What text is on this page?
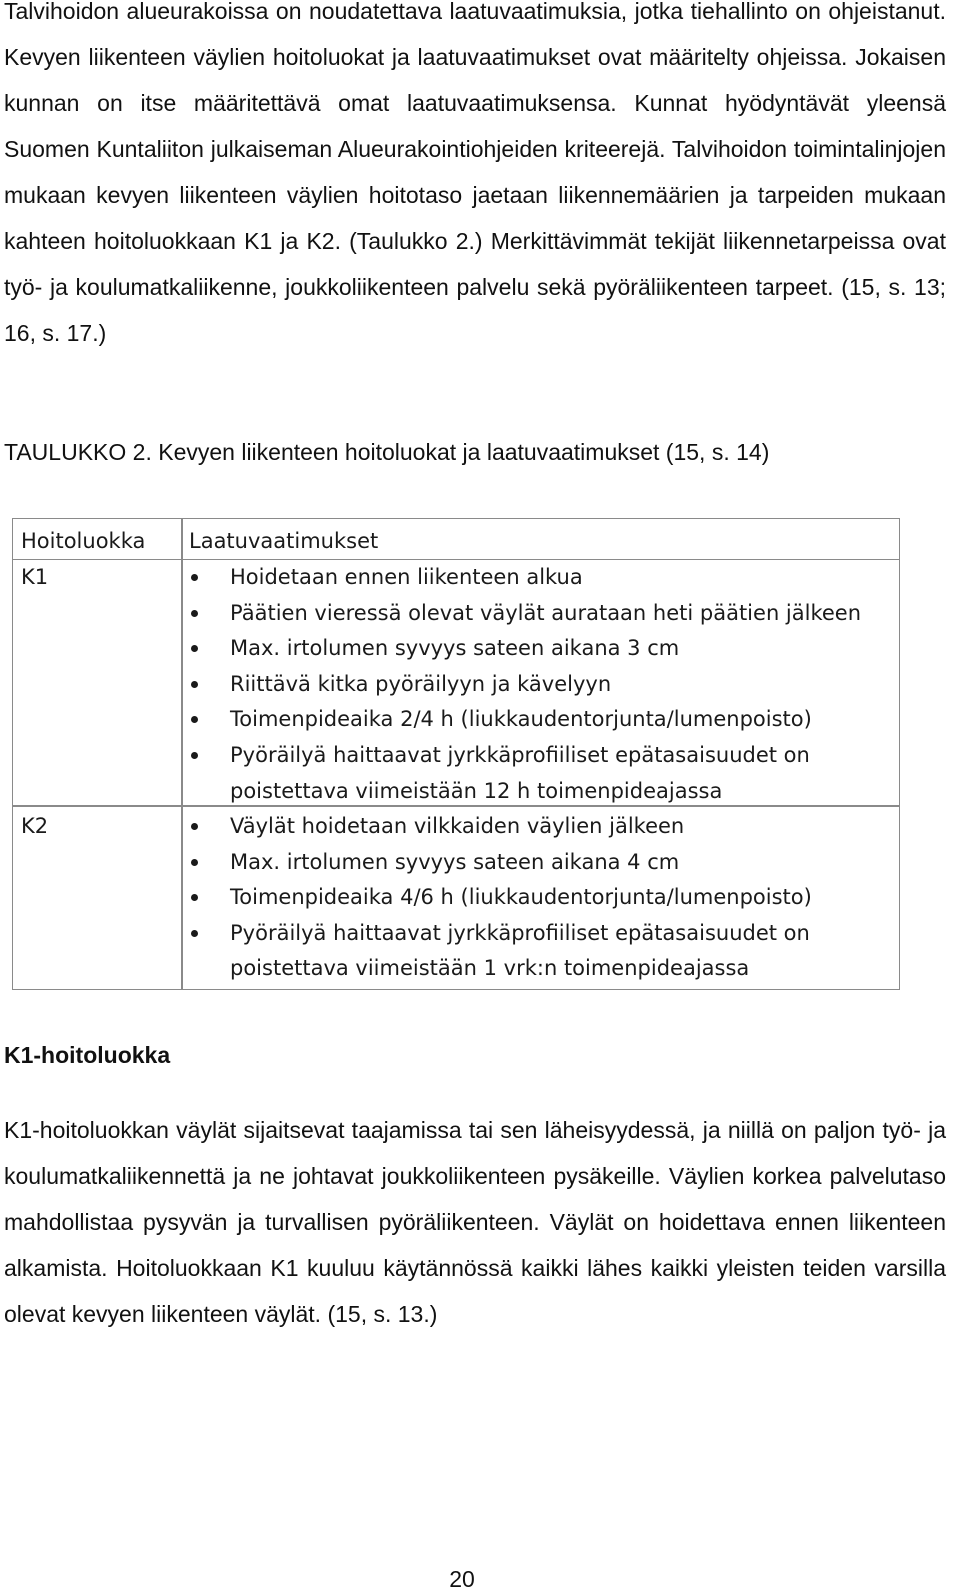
Talvihoidon alueurakoissa on noudatettava laatuvaatimuksia, jotka tiehallinto on ohjeistanut. Kevyen liikenteen väylien hoitoluokat ja laatuvaatimukset ovat määritelty ohjeissa. Jokaisen kunnan on itse määritettävä omat laatuvaatimuksensa. Kunnat hyödyntävät yleensä Suomen Kuntaliiton julkaiseman Alueurakointiohjeiden kriteerejä. Talvihoidon toimintalinjojen mukaan kevyen liikenteen väylien hoitotaso jaetaan liikennemäärien ja tarpeiden mukaan kahteen hoitoluokkaan K1 ja K2. (Taulukko 2.) Merkittävimmät tekijät liikennetarpeissa ovat työ- ja koulumatkaliikenne, joukkoliikenteen palvelu sekä pyöräliikenteen tarpeet. (15, s. 13; 16, s. 17.)

TAULUKKO 2. Kevyen liikenteen hoitoluokat ja laatuvaatimukset (15, s. 14)

Hoitoluokka Laatuvaatimukset
K1	Hoidetaan ennen liikenteen alkua
Päätien vieressä olevat väylät aurataan heti päätien jälkeen
Max. irtolumen syvyys sateen aikana 3 cm
Riittävä kitka pyöräilyyn ja kävelyyn
Toimenpideaika 2/4 h (liukkaudentorjunta/lumenpoisto)
Pyöräilyä haittaavat jyrkkäprofiiliset epätasaisuudet on poistettava viimeistään 12 h toimenpideajassa
K2	Väylät hoidetaan vilkkaiden väylien jälkeen
Max. irtolumen syvyys sateen aikana 4 cm
Toimenpideaika 4/6 h (liukkaudentorjunta/lumenpoisto)
Pyöräilyä haittaavat jyrkkäprofiiliset epätasaisuudet on poistettava viimeistään 1 vrk:n toimenpideajassa
K1-hoitoluokka

K1-hoitoluokkan väylät sijaitsevat taajamissa tai sen läheisyydessä, ja niillä on paljon työ- ja koulumatkaliikennettä ja ne johtavat joukkoliikenteen pysäkeille. Väylien korkea palvelutaso mahdollistaa pysyvän ja turvallisen pyöräliikenteen. Väylät on hoidettava ennen liikenteen alkamista. Hoitoluokkaan K1 kuuluu käytännössä kaikki lähes kaikki yleisten teiden varsilla olevat kevyen liikenteen väylät. (15, s. 13.)

20
